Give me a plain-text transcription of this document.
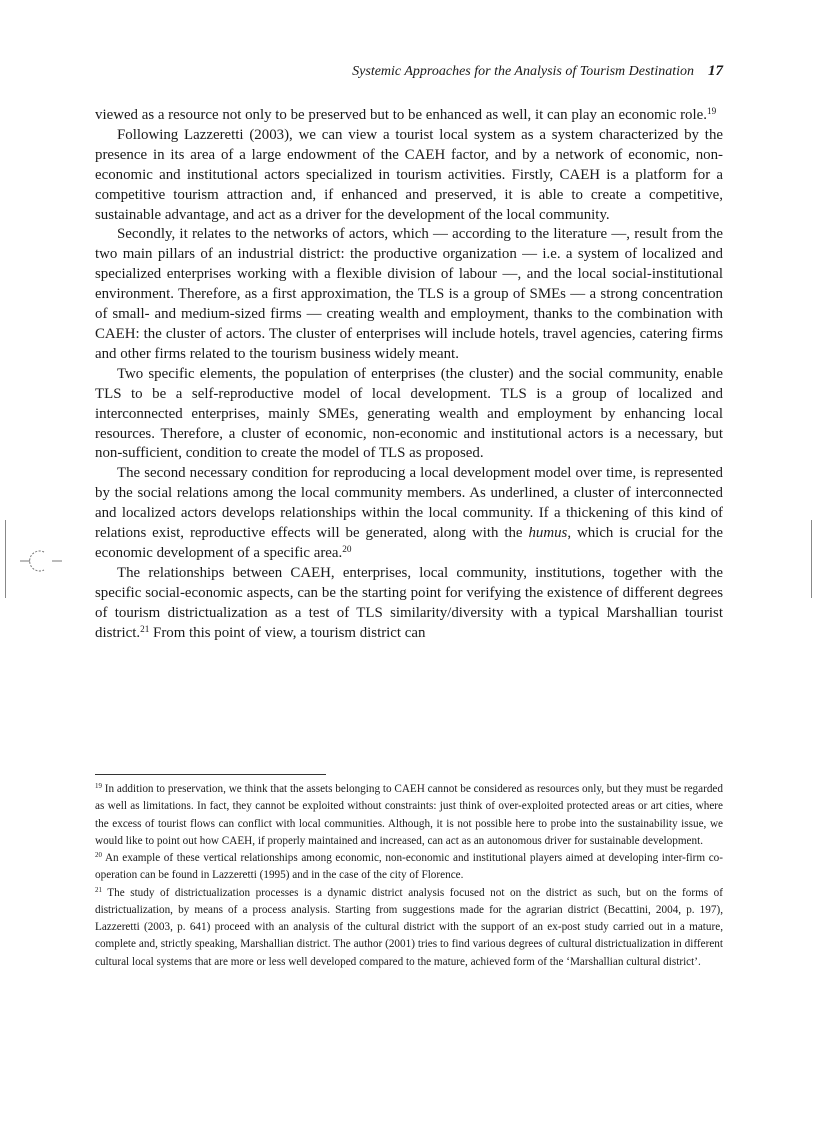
Systemic Approaches for the Analysis of Tourism Destination 17

viewed as a resource not only to be preserved but to be enhanced as well, it can play an economic role.$^{19}$

Following Lazzeretti (2003), we can view a tourist local system as a system characterized by the presence in its area of a large endowment of the CAEH factor, and by a network of economic, non-economic and institutional actors specialized in tourism activities. Firstly, CAEH is a platform for a competitive tourism attraction and, if enhanced and preserved, it is able to create a competitive, sustainable advantage, and act as a driver for the development of the local community.

Secondly, it relates to the networks of actors, which — according to the literature —, result from the two main pillars of an industrial district: the productive organization — i.e. a system of localized and specialized enterprises working with a flexible division of labour —, and the local social-institutional environment. Therefore, as a first approximation, the TLS is a group of SMEs — a strong concentration of small- and medium-sized firms — creating wealth and employment, thanks to the combination with CAEH: the cluster of actors. The cluster of enterprises will include hotels, travel agencies, catering firms and other firms related to the tourism business widely meant.

Two specific elements, the population of enterprises (the cluster) and the social community, enable TLS to be a self-reproductive model of local development. TLS is a group of localized and interconnected enterprises, mainly SMEs, generating wealth and employment by enhancing local resources. Therefore, a cluster of economic, non-economic and institutional actors is a necessary, but non-sufficient, condition to create the model of TLS as proposed.

The second necessary condition for reproducing a local development model over time, is represented by the social relations among the local community members. As underlined, a cluster of interconnected and localized actors develops relationships within the local community. If a thickening of this kind of relations exist, reproductive effects will be generated, along with the humus, which is crucial for the economic development of a specific area.$^{20}$

The relationships between CAEH, enterprises, local community, institutions, together with the specific social-economic aspects, can be the starting point for verifying the existence of different degrees of tourism districtualization as a test of TLS similarity/diversity with a typical Marshallian tourist district.$^{21}$ From this point of view, a tourism district can

$^{19}$ In addition to preservation, we think that the assets belonging to CAEH cannot be considered as resources only, but they must be regarded as well as limitations. In fact, they cannot be exploited without constraints: just think of over-exploited protected areas or art cities, where the excess of tourist flows can conflict with local communities. Although, it is not possible here to probe into the sustainability issue, we would like to point out how CAEH, if properly maintained and increased, can act as an autonomous driver for sustainable development.

$^{20}$ An example of these vertical relationships among economic, non-economic and institutional players aimed at developing inter-firm co-operation can be found in Lazzeretti (1995) and in the case of the city of Florence.

$^{21}$ The study of districtualization processes is a dynamic district analysis focused not on the district as such, but on the forms of districtualization, by means of a process analysis. Starting from suggestions made for the agrarian district (Becattini, 2004, p. 197), Lazzeretti (2003, p. 641) proceed with an analysis of the cultural district with the support of an ex-post study carried out in a mature, complete and, strictly speaking, Marshallian district. The author (2001) tries to find various degrees of cultural districtualization in different cultural local systems that are more or less well developed compared to the mature, achieved form of the ‘Marshallian cultural district’.
